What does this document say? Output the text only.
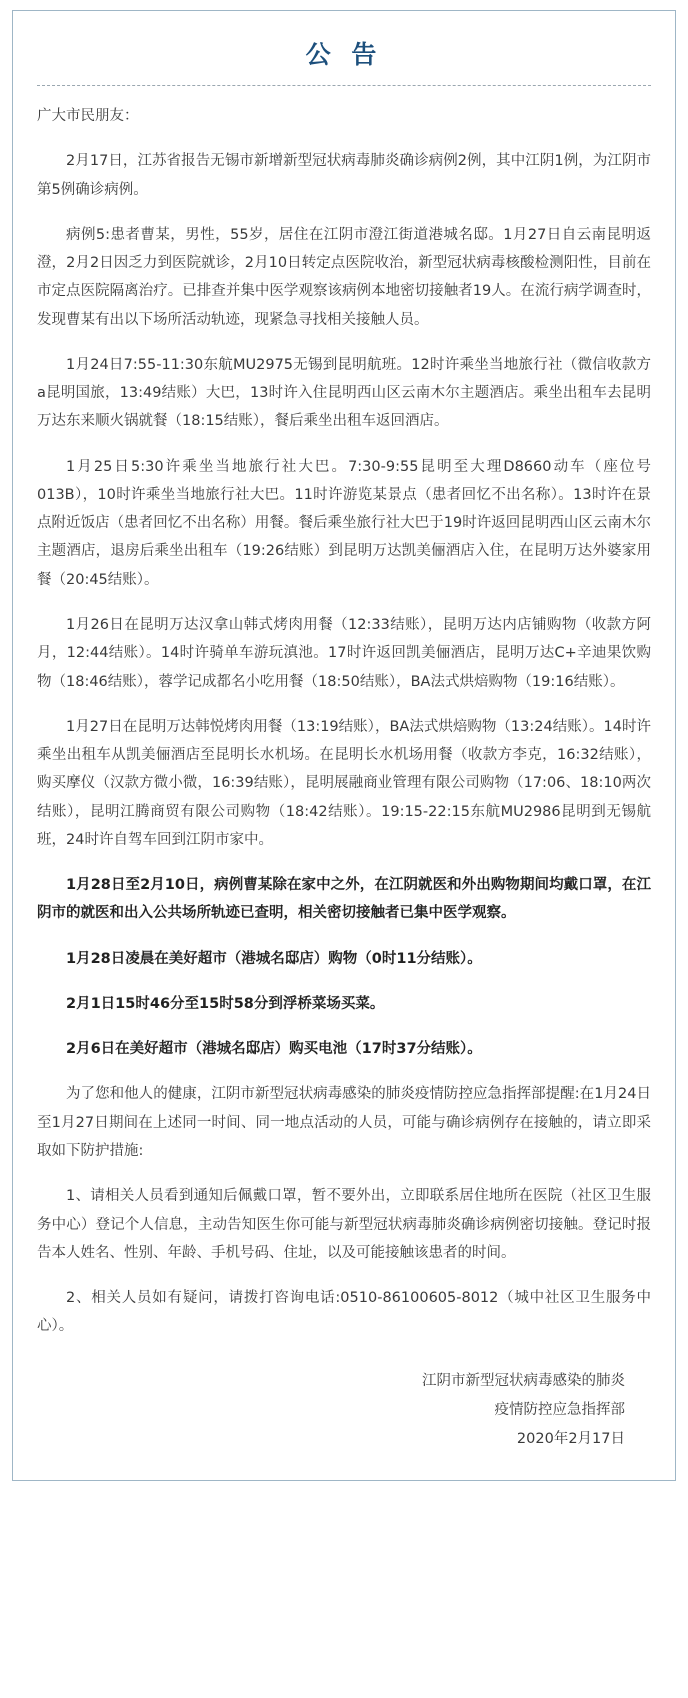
公 告

广大市民朋友：

2月17日，江苏省报告无锡市新增新型冠状病毒肺炎确诊病例2例，其中江阴1例，为江阴市第5例确诊病例。

病例5:患者曹某，男性，55岁，居住在江阴市澄江街道港城名邸。1月27日自云南昆明返澄，2月2日因乏力到医院就诊，2月10日转定点医院收治，新型冠状病毒核酸检测阳性，目前在市定点医院隔离治疗。已排查并集中医学观察该病例本地密切接触者19人。在流行病学调查时，发现曹某有出以下场所活动轨迹，现紧急寻找相关接触人员。

1月24日7:55-11:30东航MU2975无锡到昆明航班。12时许乘坐当地旅行社（微信收款方a昆明国旅，13:49结账）大巴，13时许入住昆明西山区云南木尔主题酒店。乘坐出租车去昆明万达东来顺火锅就餐（18:15结账），餐后乘坐出租车返回酒店。

1月25日5:30许乘坐当地旅行社大巴。7:30-9:55昆明至大理D8660动车（座位号013B），10时许乘坐当地旅行社大巴。11时许游览某景点（患者回忆不出名称）。13时许在景点附近饭店（患者回忆不出名称）用餐。餐后乘坐旅行社大巴于19时许返回昆明西山区云南木尔主题酒店，退房后乘坐出租车（19:26结账）到昆明万达凯美俪酒店入住，在昆明万达外婆家用餐（20:45结账）。

1月26日在昆明万达汉拿山韩式烤肉用餐（12:33结账），昆明万达内店铺购物（收款方阿月，12:44结账）。14时许骑单车游玩滇池。17时许返回凯美俪酒店，昆明万达C+辛迪果饮购物（18:46结账），蓉学记成都名小吃用餐（18:50结账），BA法式烘焙购物（19:16结账）。

1月27日在昆明万达韩悦烤肉用餐（13:19结账），BA法式烘焙购物（13:24结账）。14时许乘坐出租车从凯美俪酒店至昆明长水机场。在昆明长水机场用餐（收款方李克，16:32结账），购买摩仪（汉款方微小微，16:39结账），昆明展融商业管理有限公司购物（17:06、18:10两次结账），昆明江腾商贸有限公司购物（18:42结账）。19:15-22:15东航MU2986昆明到无锡航班，24时许自驾车回到江阴市家中。

1月28日至2月10日，病例曹某除在家中之外，在江阴就医和外出购物期间均戴口罩，在江阴市的就医和出入公共场所轨迹已查明，相关密切接触者已集中医学观察。

1月28日凌晨在美好超市（港城名邸店）购物（0时11分结账）。

2月1日15时46分至15时58分到浮桥菜场买菜。

2月6日在美好超市（港城名邸店）购买电池（17时37分结账）。

为了您和他人的健康，江阴市新型冠状病毒感染的肺炎疫情防控应急指挥部提醒:在1月24日至1月27日期间在上述同一时间、同一地点活动的人员，可能与确诊病例存在接触的，请立即采取如下防护措施:

1、请相关人员看到通知后佩戴口罩，暂不要外出，立即联系居住地所在医院（社区卫生服务中心）登记个人信息，主动告知医生你可能与新型冠状病毒肺炎确诊病例密切接触。登记时报告本人姓名、性别、年龄、手机号码、住址，以及可能接触该患者的时间。

2、相关人员如有疑问，请拨打咨询电话:0510-86100605-8012（城中社区卫生服务中心）。

江阴市新型冠状病毒感染的肺炎
疫情防控应急指挥部
2020年2月17日
